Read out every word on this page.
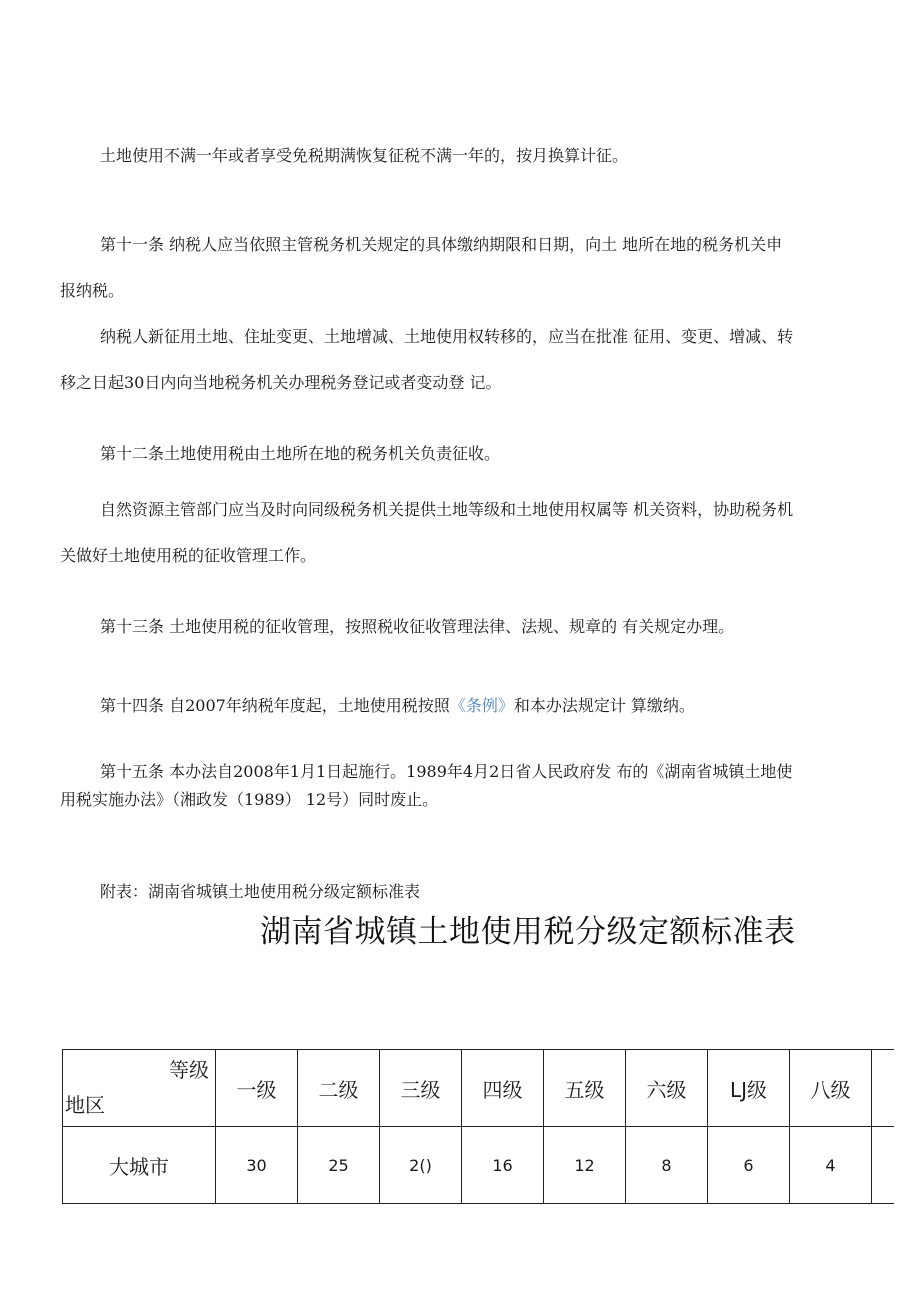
土地使用不满一年或者享受免税期满恢复征税不满一年的，按月换算计征。

第十一条 纳税人应当依照主管税务机关规定的具体缴纳期限和日期，向土 地所在地的税务机关申
报纳税。

纳税人新征用土地、住址变更、土地增减、土地使用权转移的，应当在批准 征用、变更、增减、转
移之日起30日内向当地税务机关办理税务登记或者变动登 记。

第十二条土地使用税由土地所在地的税务机关负责征收。

自然资源主管部门应当及时向同级税务机关提供土地等级和土地使用权属等 机关资料，协助税务机
关做好土地使用税的征收管理工作。

第十三条 土地使用税的征收管理，按照税收征收管理法律、法规、规章的 有关规定办理。

第十四条 自2007年纳税年度起，土地使用税按照《条例》和本办法规定计 算缴纳。

第十五条 本办法自2008年1月1日起施行。1989年4月2日省人民政府发 布的《湖南省城镇土地使
用税实施办法》（湘政发（1989） 12号）同时废止。

附表：湖南省城镇土地使用税分级定额标准表

湖南省城镇土地使用税分级定额标准表
等级
地区	一级	二级	三级	四级	五级	六级	LJ级	八级	
大城市	30	25	2()	16	12	8	6	4	
